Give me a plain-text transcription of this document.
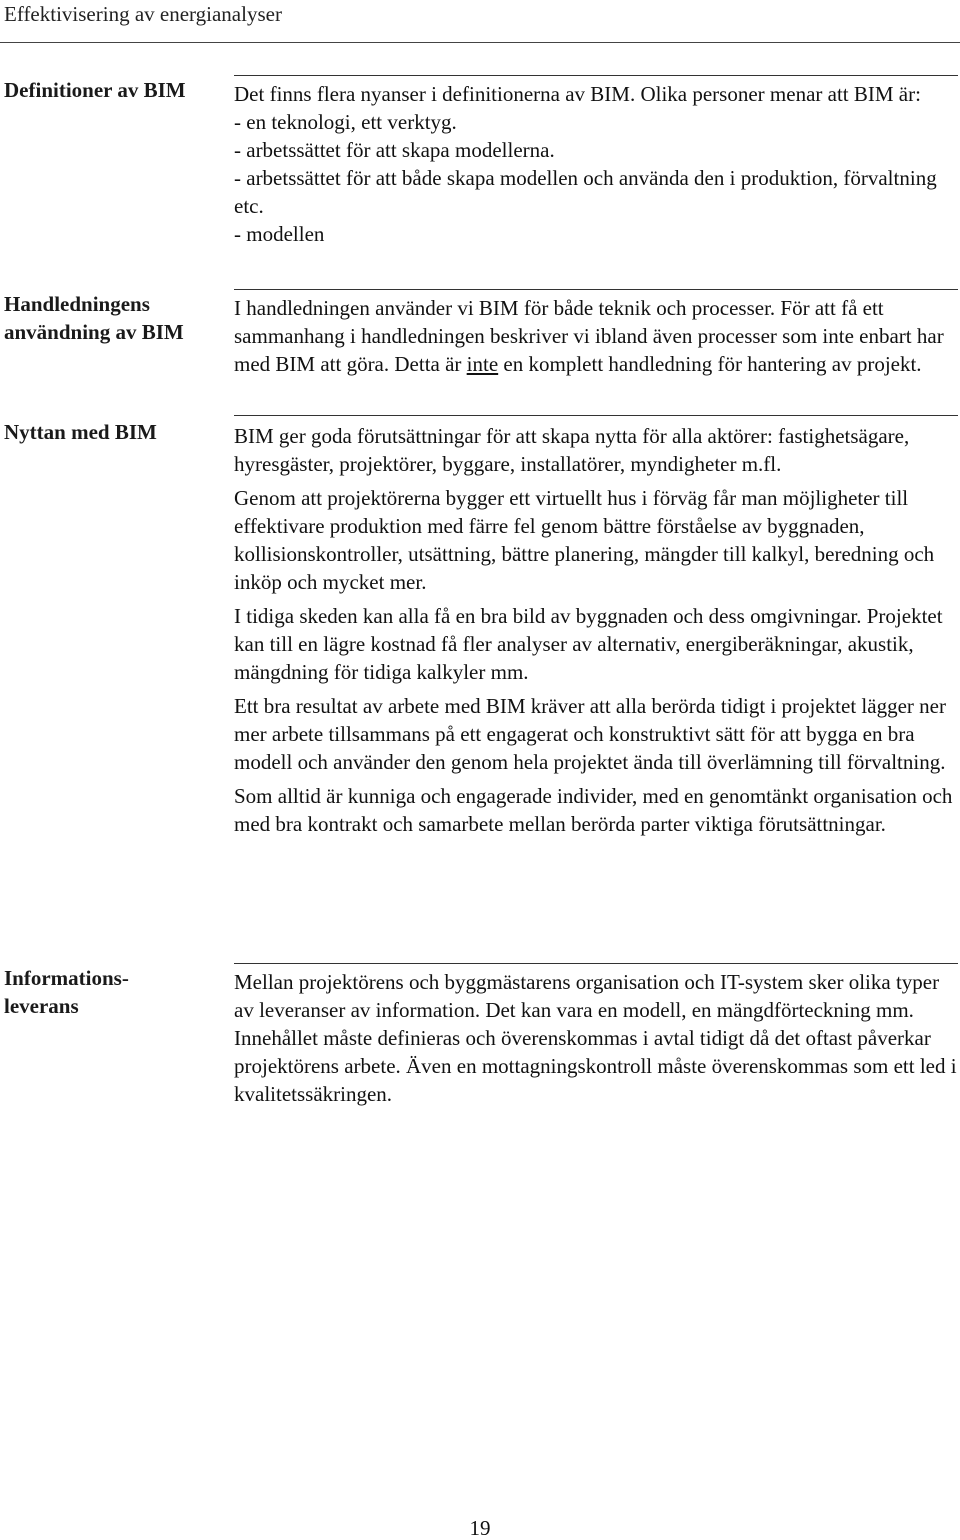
Effektivisering av energianalyser
Definitioner av BIM	Det finns flera nyanser i definitionerna av BIM. Olika personer menar att BIM är:

- en teknologi, ett verktyg.
- arbetssättet för att skapa modellerna.
- arbetssättet för att både skapa modellen och använda den i produktion, förvaltning etc.
- modellen
Handledningens användning av BIM

I handledningen använder vi BIM för både teknik och processer. För att få ett sammanhang i handledningen beskriver vi ibland även processer som inte enbart har med BIM att göra. Detta är inte en komplett handledning för hantering av projekt.

Nyttan med BIM	BIM ger goda förutsättningar för att skapa nytta för alla aktörer: fastighetsägare, hyresgäster, projektörer, byggare, installatörer, myndigheter m.fl.

Genom att projektörerna bygger ett virtuellt hus i förväg får man möjligheter till effektivare produktion med färre fel genom bättre förståelse av byggnaden, kollisionskontroller, utsättning, bättre planering, mängder till kalkyl, beredning och inköp och mycket mer.

I tidiga skeden kan alla få en bra bild av byggnaden och dess omgivningar. Projektet kan till en lägre kostnad få fler analyser av alternativ, energiberäkningar, akustik, mängdning för tidiga kalkyler mm.

Ett bra resultat av arbete med BIM kräver att alla berörda tidigt i projektet lägger ner mer arbete tillsammans på ett engagerat och konstruktivt sätt för att bygga en bra modell och använder den genom hela projektet ända till överlämning till förvaltning.

Som alltid är kunniga och engagerade individer, med en genomtänkt organisation och med bra kontrakt och samarbete mellan berörda parter viktiga förutsättningar.

Informations-
leverans

Mellan projektörens och byggmästarens organisation och IT-system sker olika typer av leveranser av information. Det kan vara en modell, en mängdförteckning mm. Innehållet måste definieras och överenskommas i avtal tidigt då det oftast påverkar projektörens arbete. Även en mottagningskontroll måste överenskommas som ett led i kvalitetssäkringen.

19
